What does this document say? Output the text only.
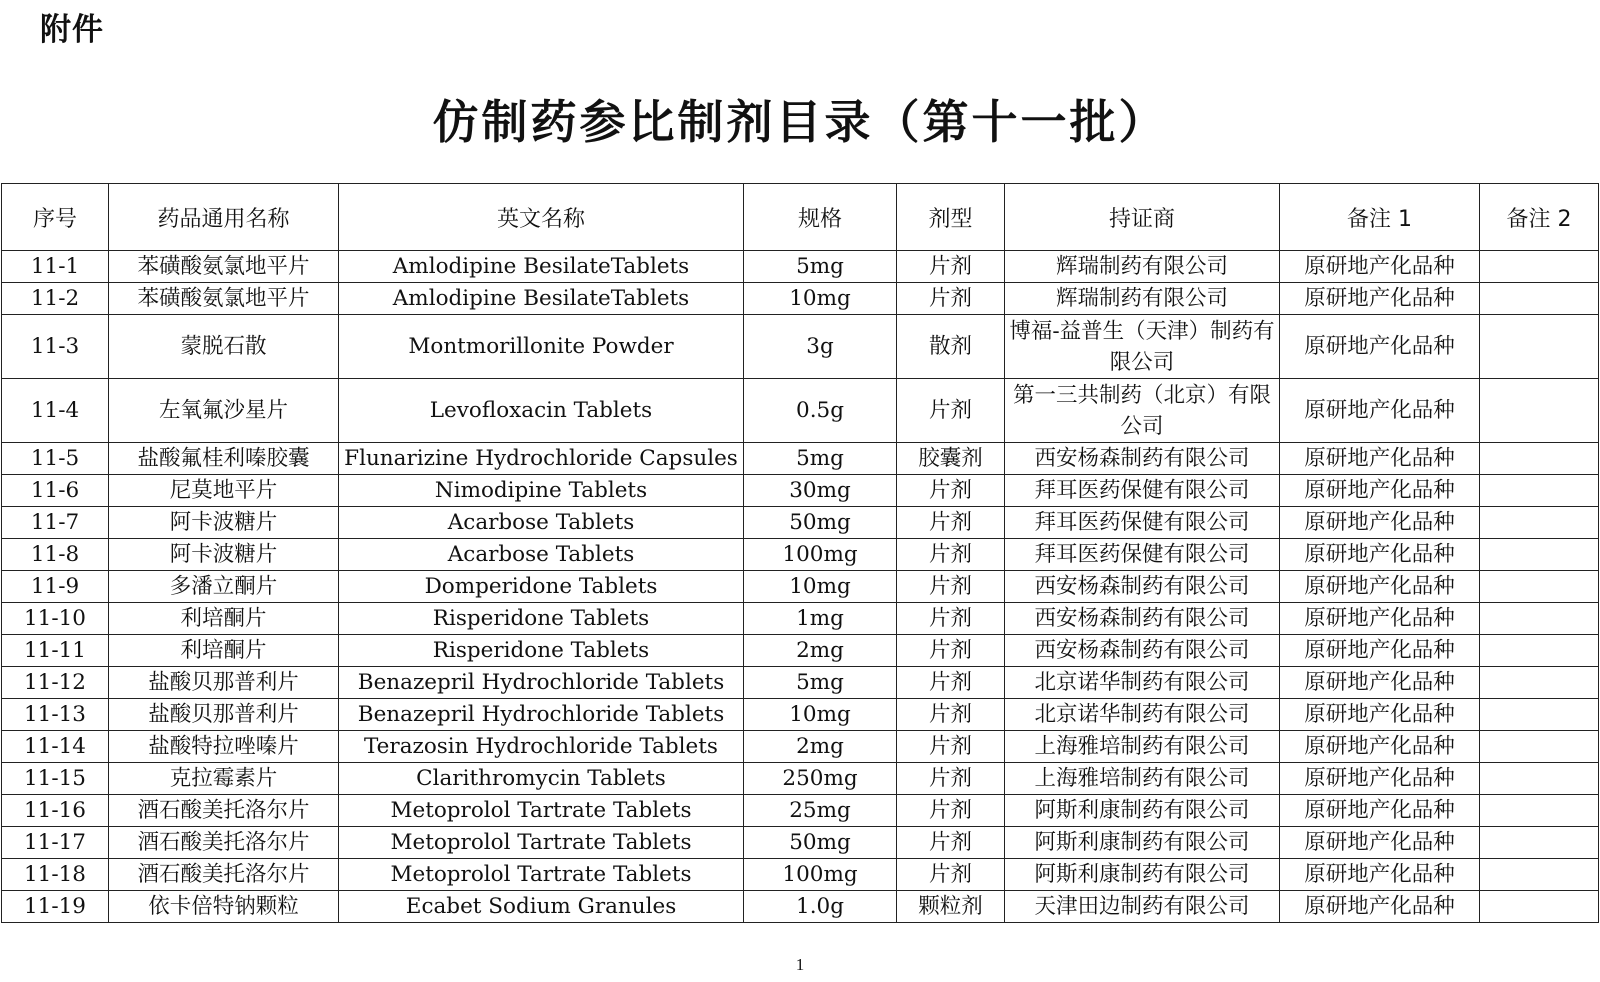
附件
仿制药参比制剂目录（第十一批）
序号	药品通用名称	英文名称	规格	剂型	持证商	备注 1	备注 2
11-1	苯磺酸氨氯地平片	Amlodipine BesilateTablets	5mg	片剂	辉瑞制药有限公司	原研地产化品种	
11-2	苯磺酸氨氯地平片	Amlodipine BesilateTablets	10mg	片剂	辉瑞制药有限公司	原研地产化品种	
11-3	蒙脱石散	Montmorillonite Powder	3g	散剂	博福-益普生（天津）制药有限公司	原研地产化品种	
11-4	左氧氟沙星片	Levofloxacin Tablets	0.5g	片剂	第一三共制药（北京）有限公司	原研地产化品种	
11-5	盐酸氟桂利嗪胶囊	Flunarizine Hydrochloride Capsules	5mg	胶囊剂	西安杨森制药有限公司	原研地产化品种	
11-6	尼莫地平片	Nimodipine Tablets	30mg	片剂	拜耳医药保健有限公司	原研地产化品种	
11-7	阿卡波糖片	Acarbose Tablets	50mg	片剂	拜耳医药保健有限公司	原研地产化品种	
11-8	阿卡波糖片	Acarbose Tablets	100mg	片剂	拜耳医药保健有限公司	原研地产化品种	
11-9	多潘立酮片	Domperidone Tablets	10mg	片剂	西安杨森制药有限公司	原研地产化品种	
11-10	利培酮片	Risperidone Tablets	1mg	片剂	西安杨森制药有限公司	原研地产化品种	
11-11	利培酮片	Risperidone Tablets	2mg	片剂	西安杨森制药有限公司	原研地产化品种	
11-12	盐酸贝那普利片	Benazepril Hydrochloride Tablets	5mg	片剂	北京诺华制药有限公司	原研地产化品种	
11-13	盐酸贝那普利片	Benazepril Hydrochloride Tablets	10mg	片剂	北京诺华制药有限公司	原研地产化品种	
11-14	盐酸特拉唑嗪片	Terazosin Hydrochloride Tablets	2mg	片剂	上海雅培制药有限公司	原研地产化品种	
11-15	克拉霉素片	Clarithromycin Tablets	250mg	片剂	上海雅培制药有限公司	原研地产化品种	
11-16	酒石酸美托洛尔片	Metoprolol Tartrate Tablets	25mg	片剂	阿斯利康制药有限公司	原研地产化品种	
11-17	酒石酸美托洛尔片	Metoprolol Tartrate Tablets	50mg	片剂	阿斯利康制药有限公司	原研地产化品种	
11-18	酒石酸美托洛尔片	Metoprolol Tartrate Tablets	100mg	片剂	阿斯利康制药有限公司	原研地产化品种	
11-19	依卡倍特钠颗粒	Ecabet Sodium Granules	1.0g	颗粒剂	天津田边制药有限公司	原研地产化品种	
1
